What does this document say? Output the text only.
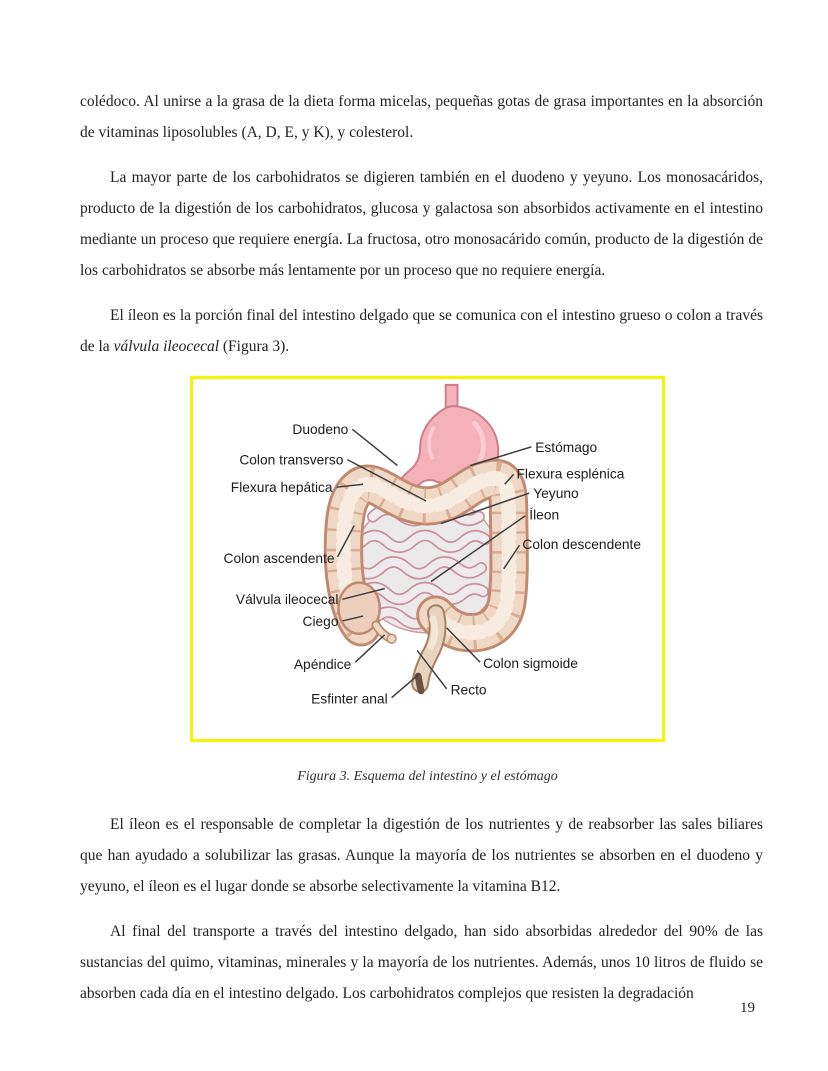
colédoco. Al unirse a la grasa de la dieta forma micelas, pequeñas gotas de grasa importantes en la absorción de vitaminas liposolubles (A, D, E, y K), y colesterol.

La mayor parte de los carbohidratos se digieren también en el duodeno y yeyuno. Los monosacáridos, producto de la digestión de los carbohidratos, glucosa y galactosa son absorbidos activamente en el intestino mediante un proceso que requiere energía. La fructosa, otro monosacárido común, producto de la digestión de los carbohidratos se absorbe más lentamente por un proceso que no requiere energía.

El íleon es la porción final del intestino delgado que se comunica con el intestino grueso o colon a través de la válvula ileocecal (Figura 3).

Duodeno
Colon transverso
Flexura hepática
Colon ascendente
Válvula ileocecal
Ciego
Apéndice
Esfinter anal
Estómago
Flexura esplénica
Yeyuno
Íleon
Colon descendente
Colon sigmoide
Recto
Figura 3. Esquema del intestino y el estómago

El íleon es el responsable de completar la digestión de los nutrientes y de reabsorber las sales biliares que han ayudado a solubilizar las grasas. Aunque la mayoría de los nutrientes se absorben en el duodeno y yeyuno, el íleon es el lugar donde se absorbe selectivamente la vitamina B12.

Al final del transporte a través del intestino delgado, han sido absorbidas alrededor del 90% de las sustancias del quimo, vitaminas, minerales y la mayoría de los nutrientes. Además, unos 10 litros de fluido se absorben cada día en el intestino delgado. Los carbohidratos complejos que resisten la degradación

19
